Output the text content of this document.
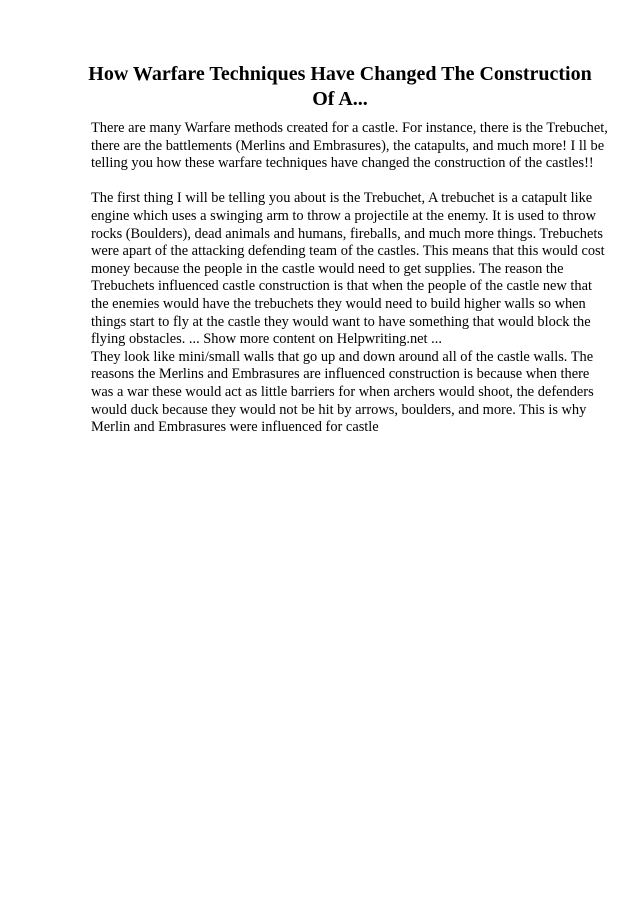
How Warfare Techniques Have Changed The Construction Of A...

There are many Warfare methods created for a castle. For instance, there is the Trebuchet, there are the battlements (Merlins and Embrasures), the catapults, and much more! I ll be telling you how these warfare techniques have changed the construction of the castles!!

The first thing I will be telling you about is the Trebuchet, A trebuchet is a catapult like engine which uses a swinging arm to throw a projectile at the enemy. It is used to throw rocks (Boulders), dead animals and humans, fireballs, and much more things. Trebuchets were apart of the attacking defending team of the castles. This means that this would cost money because the people in the castle would need to get supplies. The reason the Trebuchets influenced castle construction is that when the people of the castle new that the enemies would have the trebuchets they would need to build higher walls so when things start to fly at the castle they would want to have something that would block the flying obstacles. ... Show more content on Helpwriting.net ...

They look like mini/small walls that go up and down around all of the castle walls. The reasons the Merlins and Embrasures are influenced construction is because when there was a war these would act as little barriers for when archers would shoot, the defenders would duck because they would not be hit by arrows, boulders, and more. This is why Merlin and Embrasures were influenced for castle
